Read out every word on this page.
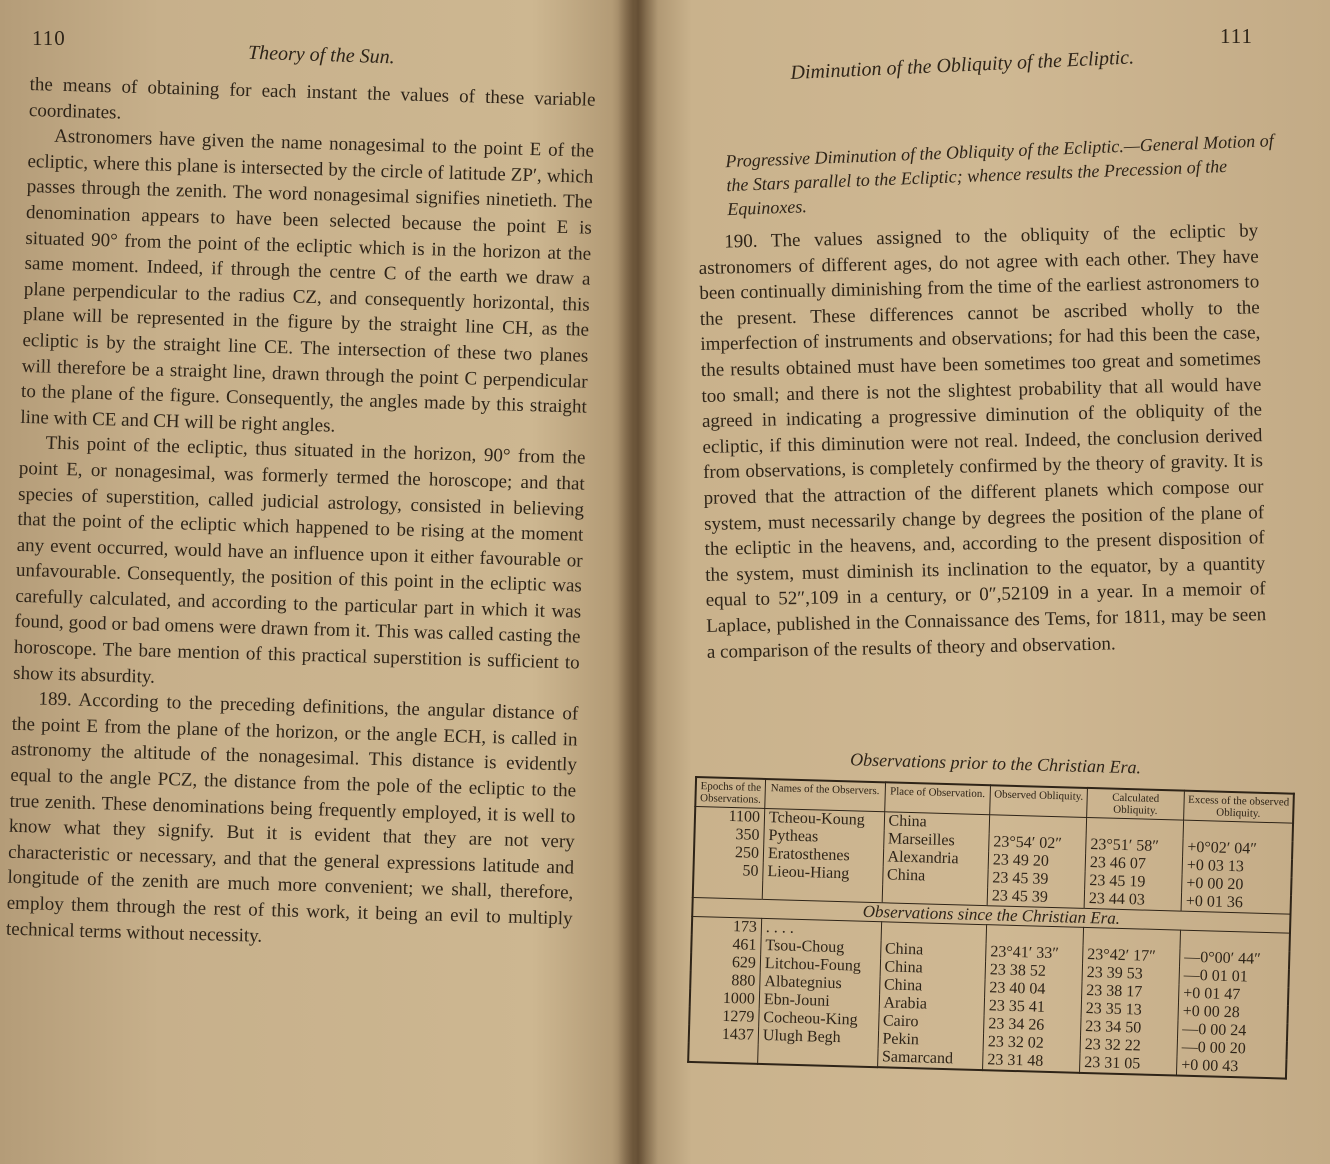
110
Theory of the Sun.

the means of obtaining for each instant the values of these variable coordinates.

Astronomers have given the name nonagesimal to the point E of the ecliptic, where this plane is intersected by the circle of latitude ZP′, which passes through the zenith. The word nonagesimal signifies ninetieth. The denomination appears to have been selected because the point E is situated 90° from the point of the ecliptic which is in the horizon at the same moment. Indeed, if through the centre C of the earth we draw a plane perpendicular to the radius CZ, and consequently horizontal, this plane will be represented in the figure by the straight line CH, as the ecliptic is by the straight line CE. The intersection of these two planes will therefore be a straight line, drawn through the point C perpendicular to the plane of the figure. Consequently, the angles made by this straight line with CE and CH will be right angles.

This point of the ecliptic, thus situated in the horizon, 90° from the point E, or nonagesimal, was formerly termed the horoscope; and that species of superstition, called judicial astrology, consisted in believing that the point of the ecliptic which happened to be rising at the moment any event occurred, would have an influence upon it either favourable or unfavourable. Consequently, the position of this point in the ecliptic was carefully calculated, and according to the particular part in which it was found, good or bad omens were drawn from it. This was called casting the horoscope. The bare mention of this practical superstition is sufficient to show its absurdity.

189. According to the preceding definitions, the angular distance of the point E from the plane of the horizon, or the angle ECH, is called in astronomy the altitude of the nonagesimal. This distance is evidently equal to the angle PCZ, the distance from the pole of the ecliptic to the true zenith. These denominations being frequently employed, it is well to know what they signify. But it is evident that they are not very characteristic or necessary, and that the general expressions latitude and longitude of the zenith are much more convenient; we shall, therefore, employ them through the rest of this work, it being an evil to multiply technical terms without necessity.

111
Diminution of the Obliquity of the Ecliptic.
Progressive Diminution of the Obliquity of the Ecliptic.—General Motion of the Stars parallel to the Ecliptic; whence results the Precession of the Equinoxes.

190. The values assigned to the obliquity of the ecliptic by astronomers of different ages, do not agree with each other. They have been continually diminishing from the time of the earliest astronomers to the present. These differences cannot be ascribed wholly to the imperfection of instruments and observations; for had this been the case, the results obtained must have been sometimes too great and sometimes too small; and there is not the slightest probability that all would have agreed in indicating a progressive diminution of the obliquity of the ecliptic, if this diminution were not real. Indeed, the conclusion derived from observations, is completely confirmed by the theory of gravity. It is proved that the attraction of the different planets which compose our system, must necessarily change by degrees the position of the plane of the ecliptic in the heavens, and, according to the present disposition of the system, must diminish its inclination to the equator, by a quantity equal to 52″,109 in a century, or 0″,52109 in a year. In a memoir of Laplace, published in the Connaissance des Tems, for 1811, may be seen a comparison of the results of theory and observation.

Observations prior to the Christian Era.
Epochs of the Observations.	Names of the Observers.	Place of Observation.	Observed Obliquity.	Calculated Obliquity.	Excess of the observed Obliquity.
1100	Tcheou-Koung	China			
350	Pytheas	Marseilles	23°54′ 02″	23°51′ 58″	+0°02′ 04″
250	Eratosthenes	Alexandria	23 49 20	23 46 07	+0 03 13
50	Lieou-Hiang	China	23 45 39	23 45 19	+0 00 20
			23 45 39	23 44 03	+0 01 36
Observations since the Christian Era.					
173	. . . .				
461	Tsou-Choug	China	23°41′ 33″	23°42′ 17″	—0°00′ 44″
629	Litchou-Foung	China	23 38 52	23 39 53	—0 01 01
880	Albategnius	China	23 40 04	23 38 17	+0 01 47
1000	Ebn-Jouni	Arabia	23 35 41	23 35 13	+0 00 28
1279	Cocheou-King	Cairo	23 34 26	23 34 50	—0 00 24
1437	Ulugh Begh	Pekin	23 32 02	23 32 22	—0 00 20
		Samarcand	23 31 48	23 31 05	+0 00 43
